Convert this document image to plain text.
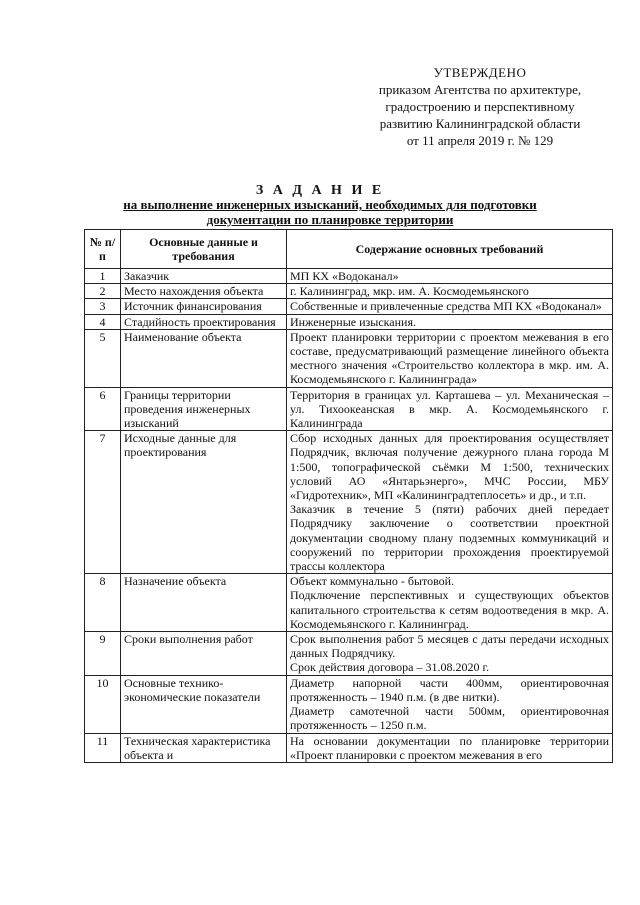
УТВЕРЖДЕНО
приказом Агентства по архитектуре,
градостроению и перспективному
развитию Калининградской области
от 11 апреля 2019 г. № 129
З А Д А Н И Е
на выполнение инженерных изысканий, необходимых для подготовки
документации по планировке территории
№ п/п	Основные данные и требования	Содержание основных требований
1	Заказчик	МП КХ «Водоканал»

2	Место нахождения объекта	г. Калининград, мкр. им. А. Космодемьянского

3	Источник финансирования	Собственные и привлеченные средства МП КХ «Водоканал»

4	Стадийность проектирования	Инженерные изыскания.

5	Наименование объекта	Проект планировки территории с проектом межевания в его составе, предусматривающий размещение линейного объекта местного значения «Строительство коллектора в мкр. им. А. Космодемьянского г. Калининграда»

6	Границы территории проведения инженерных изысканий	Территория в границах ул. Карташева – ул. Механическая – ул. Тихоокеанская в мкр. А. Космодемьянского г. Калининграда

7	Исходные данные для проектирования	Сбор исходных данных для проектирования осуществляет Подрядчик, включая получение дежурного плана города М 1:500, топографической съёмки М 1:500, технических условий АО «Янтарьэнерго», МЧС России, МБУ «Гидротехник», МП «Калининградтеплосеть» и др., и т.п.

Заказчик в течение 5 (пяти) рабочих дней передает Подрядчику заключение о соответствии проектной документации сводному плану подземных коммуникаций и сооружений по территории прохождения проектируемой трассы коллектора

8	Назначение объекта	Объект коммунально - бытовой.

Подключение перспективных и существующих объектов капитального строительства к сетям водоотведения в мкр. А. Космодемьянского г. Калининград.

9	Сроки выполнения работ	Срок выполнения работ 5 месяцев с даты передачи исходных данных Подрядчику.

Срок действия договора – 31.08.2020 г.

10	Основные технико-экономические показатели	Диаметр напорной части 400мм, ориентировочная протяженность – 1940 п.м. (в две нитки).

Диаметр самотечной части 500мм, ориентировочная протяженность – 1250 п.м.

11	Техническая характеристика объекта и	На основании документации по планировке территории «Проект планировки с проектом межевания в его
